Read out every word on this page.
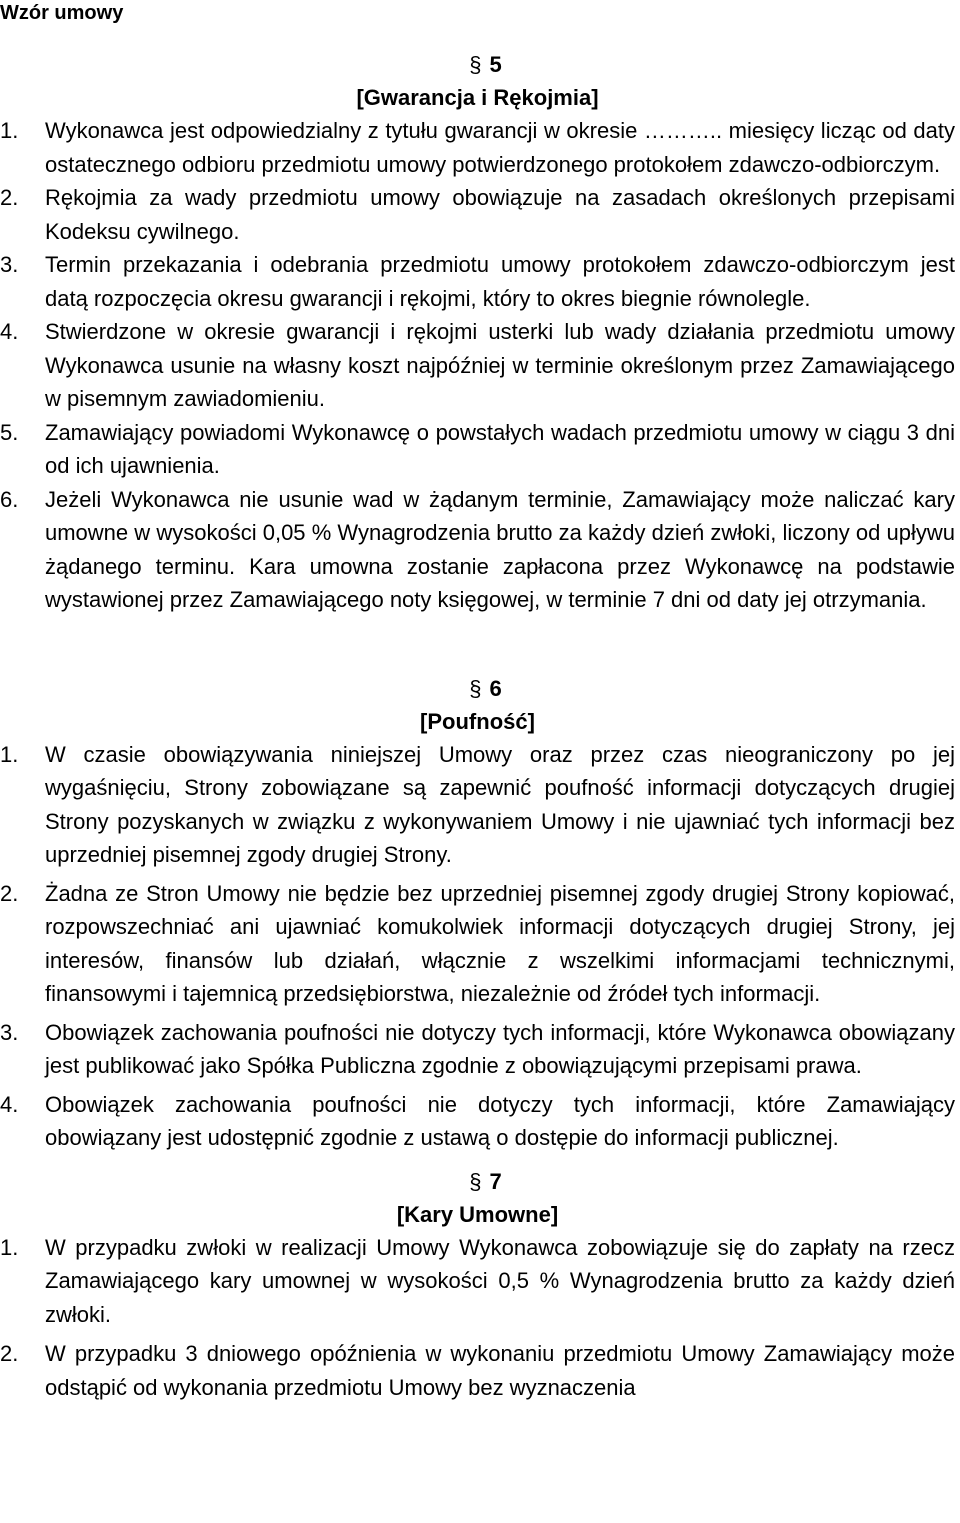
Wzór umowy
§ 5
[Gwarancja i Rękojmia]
1.	Wykonawca jest odpowiedzialny z tytułu gwarancji w okresie ……….. miesięcy licząc od daty ostatecznego odbioru przedmiotu umowy potwierdzonego protokołem zdawczo-odbiorczym.
2.	Rękojmia za wady przedmiotu umowy obowiązuje na zasadach określonych przepisami Kodeksu cywilnego.
3.	Termin przekazania i odebrania przedmiotu umowy protokołem zdawczo-odbiorczym jest datą rozpoczęcia okresu gwarancji i rękojmi, który to okres biegnie równolegle.
4.	Stwierdzone w okresie gwarancji i rękojmi usterki lub wady działania przedmiotu umowy Wykonawca usunie na własny koszt najpóźniej w terminie określonym przez Zamawiającego w pisemnym zawiadomieniu.
5.	Zamawiający powiadomi Wykonawcę o powstałych wadach przedmiotu umowy w ciągu 3 dni od ich ujawnienia.
6.	Jeżeli Wykonawca nie usunie wad w żądanym terminie, Zamawiający może naliczać kary umowne w wysokości 0,05 % Wynagrodzenia brutto za każdy dzień zwłoki, liczony od upływu żądanego terminu. Kara umowna zostanie zapłacona przez Wykonawcę na podstawie wystawionej przez Zamawiającego noty księgowej, w terminie 7 dni od daty jej otrzymania.
§ 6
[Poufność]
1.	W czasie obowiązywania niniejszej Umowy oraz przez czas nieograniczony po jej wygaśnięciu, Strony zobowiązane są zapewnić poufność informacji dotyczących drugiej Strony pozyskanych w związku z wykonywaniem Umowy i nie ujawniać tych informacji bez uprzedniej pisemnej zgody drugiej Strony.
2.	Żadna ze Stron Umowy nie będzie bez uprzedniej pisemnej zgody drugiej Strony kopiować, rozpowszechniać ani ujawniać komukolwiek informacji dotyczących drugiej Strony, jej interesów, finansów lub działań, włącznie z wszelkimi informacjami technicznymi, finansowymi i tajemnicą przedsiębiorstwa, niezależnie od źródeł tych informacji.
3.	Obowiązek zachowania poufności nie dotyczy tych informacji, które Wykonawca obowiązany jest publikować jako Spółka Publiczna zgodnie z obowiązującymi przepisami prawa.
4.	Obowiązek zachowania poufności nie dotyczy tych informacji, które Zamawiający obowiązany jest udostępnić zgodnie z ustawą o dostępie do informacji publicznej.
§ 7
[Kary Umowne]
1.	W przypadku zwłoki w realizacji Umowy Wykonawca zobowiązuje się do zapłaty na rzecz Zamawiającego kary umownej w wysokości 0,5 % Wynagrodzenia brutto za każdy dzień zwłoki.
2.	W przypadku 3 dniowego opóźnienia w wykonaniu przedmiotu Umowy Zamawiający może odstąpić od wykonania przedmiotu Umowy bez wyznaczenia
